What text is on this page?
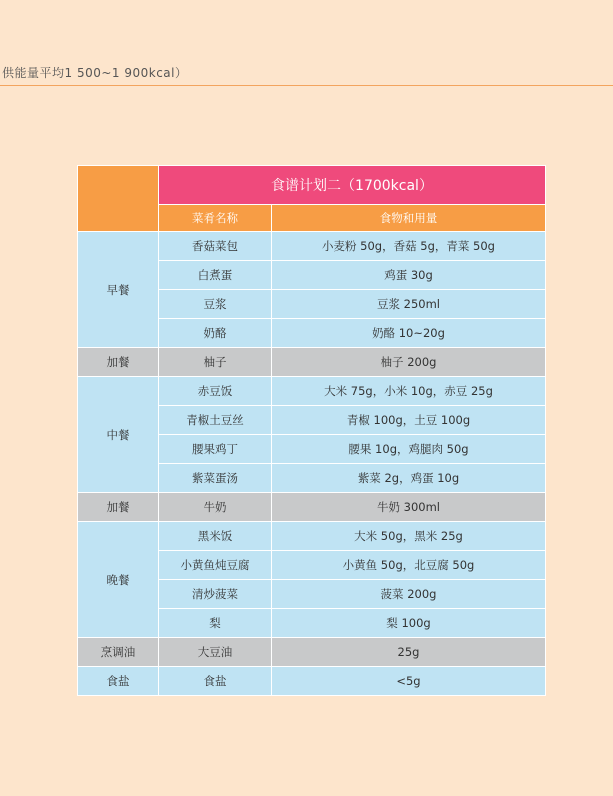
供能量平均1 500~1 900kcal）
	食谱计划二（1700kcal）	
	菜肴名称	食物和用量
早餐	香菇菜包	小麦粉 50g，香菇 5g，青菜 50g
	白煮蛋	鸡蛋 30g
	豆浆	豆浆 250ml
	奶酪	奶酪 10~20g
加餐	柚子	柚子 200g
中餐	赤豆饭	大米 75g，小米 10g，赤豆 25g
	青椒土豆丝	青椒 100g，土豆 100g
	腰果鸡丁	腰果 10g，鸡腿肉 50g
	紫菜蛋汤	紫菜 2g，鸡蛋 10g
加餐	牛奶	牛奶 300ml
晚餐	黑米饭	大米 50g，黑米 25g
	小黄鱼炖豆腐	小黄鱼 50g，北豆腐 50g
	清炒菠菜	菠菜 200g
	梨	梨 100g
烹调油	大豆油	25g
食盐	食盐	<5g
